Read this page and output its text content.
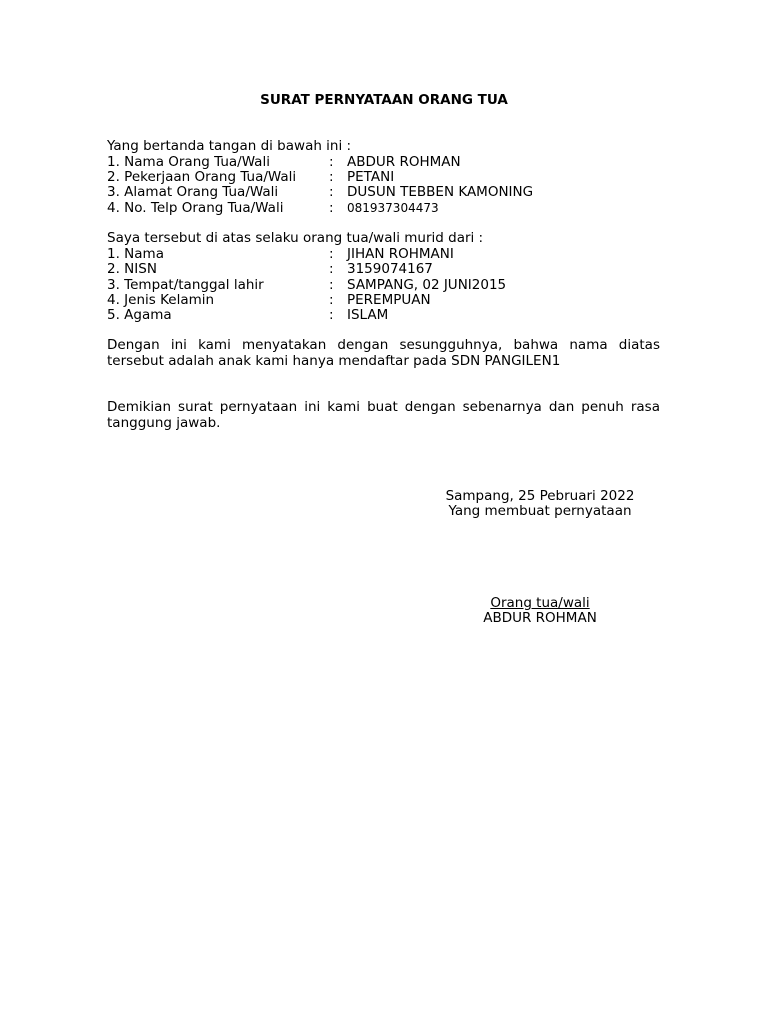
SURAT PERNYATAAN ORANG TUA
Yang bertanda tangan di bawah ini :
1. Nama Orang Tua/Wali	: ABDUR ROHMAN
2. Pekerjaan Orang Tua/Wali : PETANI
3. Alamat Orang Tua/Wali	: DUSUN TEBBEN KAMONING
4. No. Telp Orang Tua/Wali	: 081937304473
Saya tersebut di atas selaku orang tua/wali murid dari :
1. Nama	: JIHAN ROHMANI
2. NISN	: 3159074167
3. Tempat/tanggal lahir	: SAMPANG, 02 JUNI2015
4. Jenis Kelamin	: PEREMPUAN
5. Agama	: ISLAM
Dengan ini kami menyatakan dengan sesungguhnya, bahwa nama diatas tersebut adalah anak kami hanya mendaftar pada SDN PANGILEN1
Demikian surat pernyataan ini kami buat dengan sebenarnya dan penuh rasa tanggung jawab.
Sampang, 25 Pebruari 2022
Yang membuat pernyataan
Orang tua/wali
ABDUR ROHMAN
